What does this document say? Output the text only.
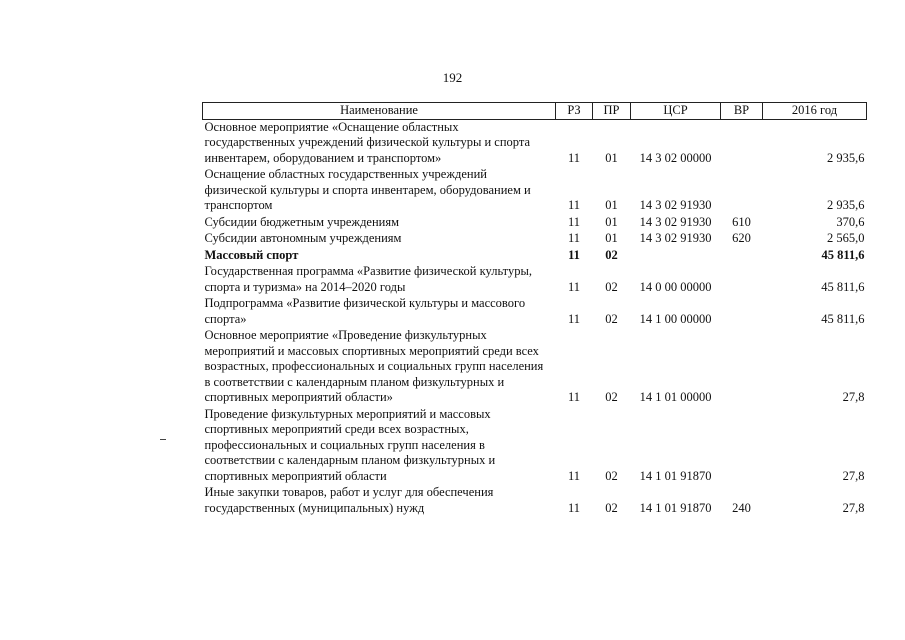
192
Наименование	РЗ	ПР	ЦСР	ВР	2016 год
Основное мероприятие «Оснащение областных государственных учреждений физической культуры и спорта инвентарем, оборудованием и транспортом»	11	01	14 3 02 00000		2 935,6
Оснащение областных государственных учреждений физической культуры и спорта инвентарем, оборудованием и транспортом	11	01	14 3 02 91930		2 935,6
Субсидии бюджетным учреждениям	11	01	14 3 02 91930	610	370,6
Субсидии автономным учреждениям	11	01	14 3 02 91930	620	2 565,0
Массовый спорт	11	02			45 811,6
Государственная программа «Развитие физической культуры, спорта и туризма» на 2014–2020 годы	11	02	14 0 00 00000		45 811,6
Подпрограмма «Развитие физической культуры и массового спорта»	11	02	14 1 00 00000		45 811,6
Основное мероприятие «Проведение физкультурных мероприятий и массовых спортивных мероприятий среди всех возрастных, профессиональных и социальных групп населения в соответствии с календарным планом физкультурных и спортивных мероприятий области»	11	02	14 1 01 00000		27,8
Проведение физкультурных мероприятий и массовых спортивных мероприятий среди всех возрастных, профессиональных и социальных групп населения в соответствии с календарным планом физкультурных и спортивных мероприятий области	11	02	14 1 01 91870		27,8
Иные закупки товаров, работ и услуг для обеспечения государственных (муниципальных) нужд	11	02	14 1 01 91870	240	27,8
